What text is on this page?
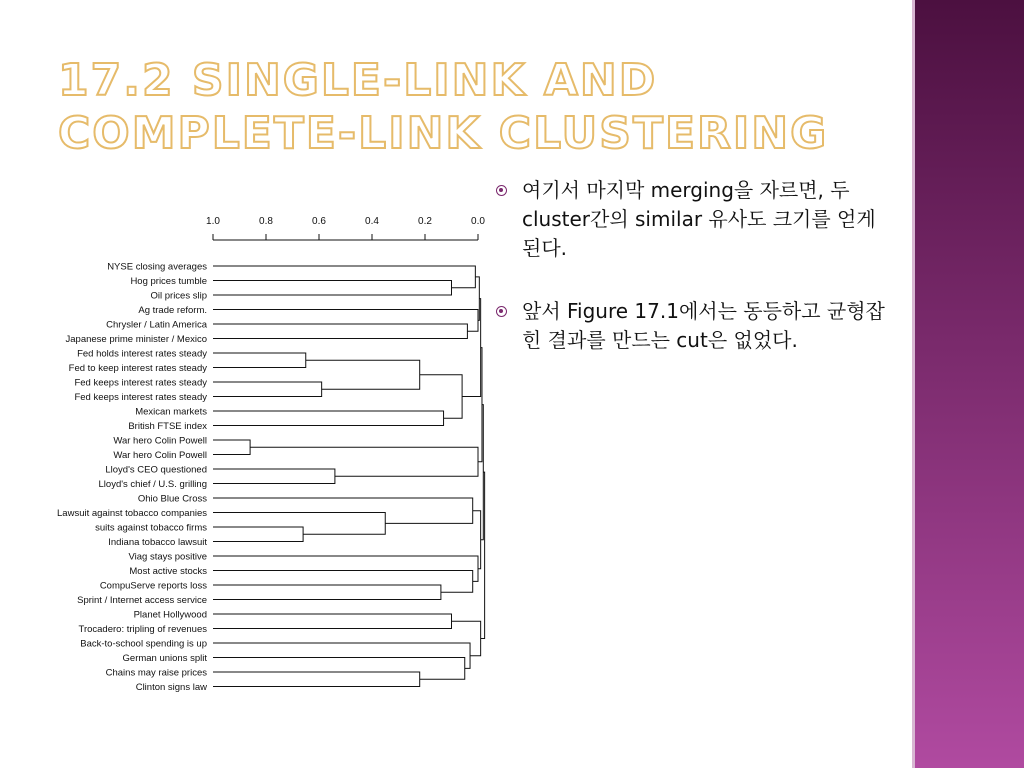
17.2 SINGLE-LINK AND COMPLETE-LINK CLUSTERING
1.0	0.8	0.6	0.4	0.2	0.0
NYSE closing averages
Hog prices tumble
Oil prices slip
Ag trade reform.
Chrysler / Latin America
Japanese prime minister / Mexico
Fed holds interest rates steady
Fed to keep interest rates steady
Fed keeps interest rates steady
Fed keeps interest rates steady
Mexican markets
British FTSE index
War hero Colin Powell
War hero Colin Powell
Lloyd's CEO questioned
Lloyd's chief / U.S. grilling
Ohio Blue Cross
Lawsuit against tobacco companies
suits against tobacco firms
Indiana tobacco lawsuit
Viag stays positive
Most active stocks
CompuServe reports loss
Sprint / Internet access service
Planet Hollywood
Trocadero: tripling of revenues
Back-to-school spending is up
German unions split
Chains may raise prices
Clinton signs law
여기서 마지막 merging을 자르면, 두 cluster간의 similar 유사도 크기를 얻게 된다.
앞서 Figure 17.1에서는 동등하고 균형잡힌 결과를 만드는 cut은 없었다.
